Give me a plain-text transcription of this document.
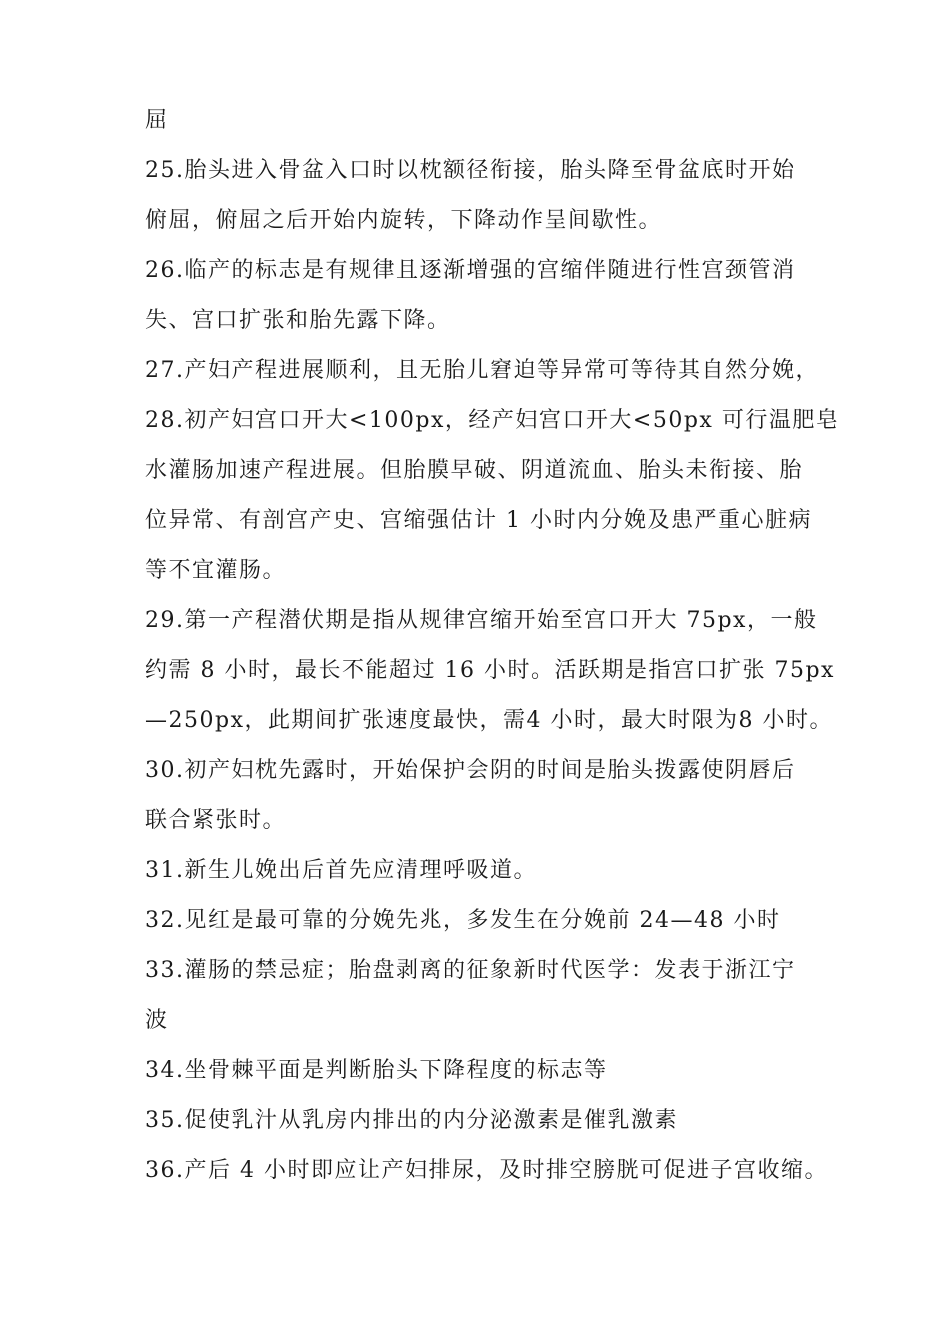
屈
25.胎头进入骨盆入口时以枕额径衔接，胎头降至骨盆底时开始
俯屈，俯屈之后开始内旋转，下降动作呈间歇性。
26.临产的标志是有规律且逐渐增强的宫缩伴随进行性宫颈管消
失、宫口扩张和胎先露下降。
27.产妇产程进展顺利，且无胎儿窘迫等异常可等待其自然分娩，
28.初产妇宫口开大<100px，经产妇宫口开大<50px 可行温肥皂
水灌肠加速产程进展。但胎膜早破、阴道流血、胎头未衔接、胎
位异常、有剖宫产史、宫缩强估计 1 小时内分娩及患严重心脏病
等不宜灌肠。
29.第一产程潜伏期是指从规律宫缩开始至宫口开大 75px，一般
约需 8 小时，最长不能超过 16 小时。活跃期是指宫口扩张 75px
—250px，此期间扩张速度最快，需4 小时，最大时限为8 小时。
30.初产妇枕先露时，开始保护会阴的时间是胎头拨露使阴唇后
联合紧张时。
31.新生儿娩出后首先应清理呼吸道。
32.见红是最可靠的分娩先兆，多发生在分娩前 24—48 小时
33.灌肠的禁忌症；胎盘剥离的征象新时代医学：发表于浙江宁
波
34.坐骨棘平面是判断胎头下降程度的标志等
35.促使乳汁从乳房内排出的内分泌激素是催乳激素
36.产后 4 小时即应让产妇排尿，及时排空膀胱可促进子宫收缩。
